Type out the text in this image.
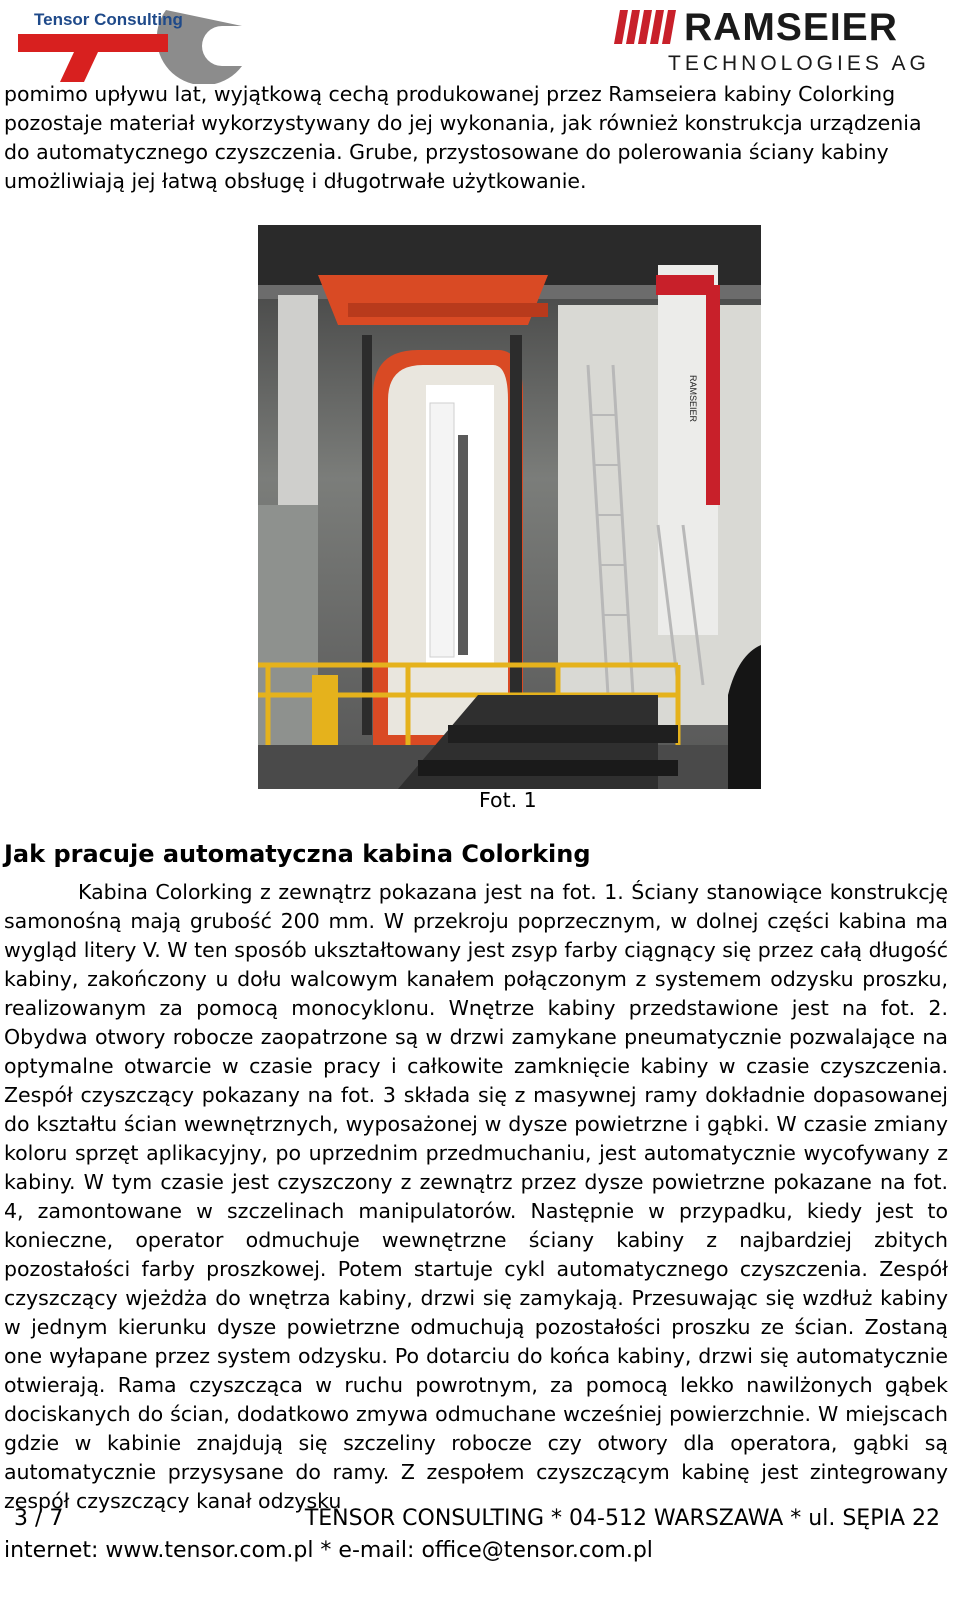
Tensor Consulting	RAMSEIER
TECHNOLOGIES AG

pomimo upływu lat, wyjątkową cechą produkowanej przez Ramseiera kabiny Colorking pozostaje materiał wykorzystywany do jej wykonania, jak również konstrukcja urządzenia do automatycznego czyszczenia. Grube, przystosowane do polerowania ściany kabiny umożliwiają jej łatwą obsługę i długotrwałe użytkowanie.

RAMSEIER
Fot. 1
Jak pracuje automatyczna kabina Colorking

Kabina Colorking z zewnątrz pokazana jest na fot. 1. Ściany stanowiące konstrukcję samonośną mają grubość 200 mm. W przekroju poprzecznym, w dolnej części kabina ma wygląd litery V. W ten sposób ukształtowany jest zsyp farby ciągnący się przez całą długość kabiny, zakończony u dołu walcowym kanałem połączonym z systemem odzysku proszku, realizowanym za pomocą monocyklonu. Wnętrze kabiny przedstawione jest na fot. 2. Obydwa otwory robocze zaopatrzone są w drzwi zamykane pneumatycznie pozwalające na optymalne otwarcie w czasie pracy i całkowite zamknięcie kabiny w czasie czyszczenia. Zespół czyszczący pokazany na fot. 3 składa się z masywnej ramy dokładnie dopasowanej do kształtu ścian wewnętrznych, wyposażonej w dysze powietrzne i gąbki. W czasie zmiany koloru sprzęt aplikacyjny, po uprzednim przedmuchaniu, jest automatycznie wycofywany z kabiny. W tym czasie jest czyszczony z zewnątrz przez dysze powietrzne pokazane na fot. 4, zamontowane w szczelinach manipulatorów. Następnie w przypadku, kiedy jest to konieczne, operator odmuchuje wewnętrzne ściany kabiny z najbardziej zbitych pozostałości farby proszkowej. Potem startuje cykl automatycznego czyszczenia. Zespół czyszczący wjeżdża do wnętrza kabiny, drzwi się zamykają. Przesuwając się wzdłuż kabiny w jednym kierunku dysze powietrzne odmuchują pozostałości proszku ze ścian. Zostaną one wyłapane przez system odzysku. Po dotarciu do końca kabiny, drzwi się automatycznie otwierają. Rama czyszcząca w ruchu powrotnym, za pomocą lekko nawilżonych gąbek dociskanych do ścian, dodatkowo zmywa odmuchane wcześniej powierzchnie. W miejscach gdzie w kabinie znajdują się szczeliny robocze czy otwory dla operatora, gąbki są automatycznie przysysane do ramy. Z zespołem czyszczącym kabinę jest zintegrowany zespół czyszczący kanał odzysku

3 / 7	TENSOR CONSULTING * 04-512 WARSZAWA * ul. SĘPIA 22
internet: www.tensor.com.pl * e-mail: office@tensor.com.pl
